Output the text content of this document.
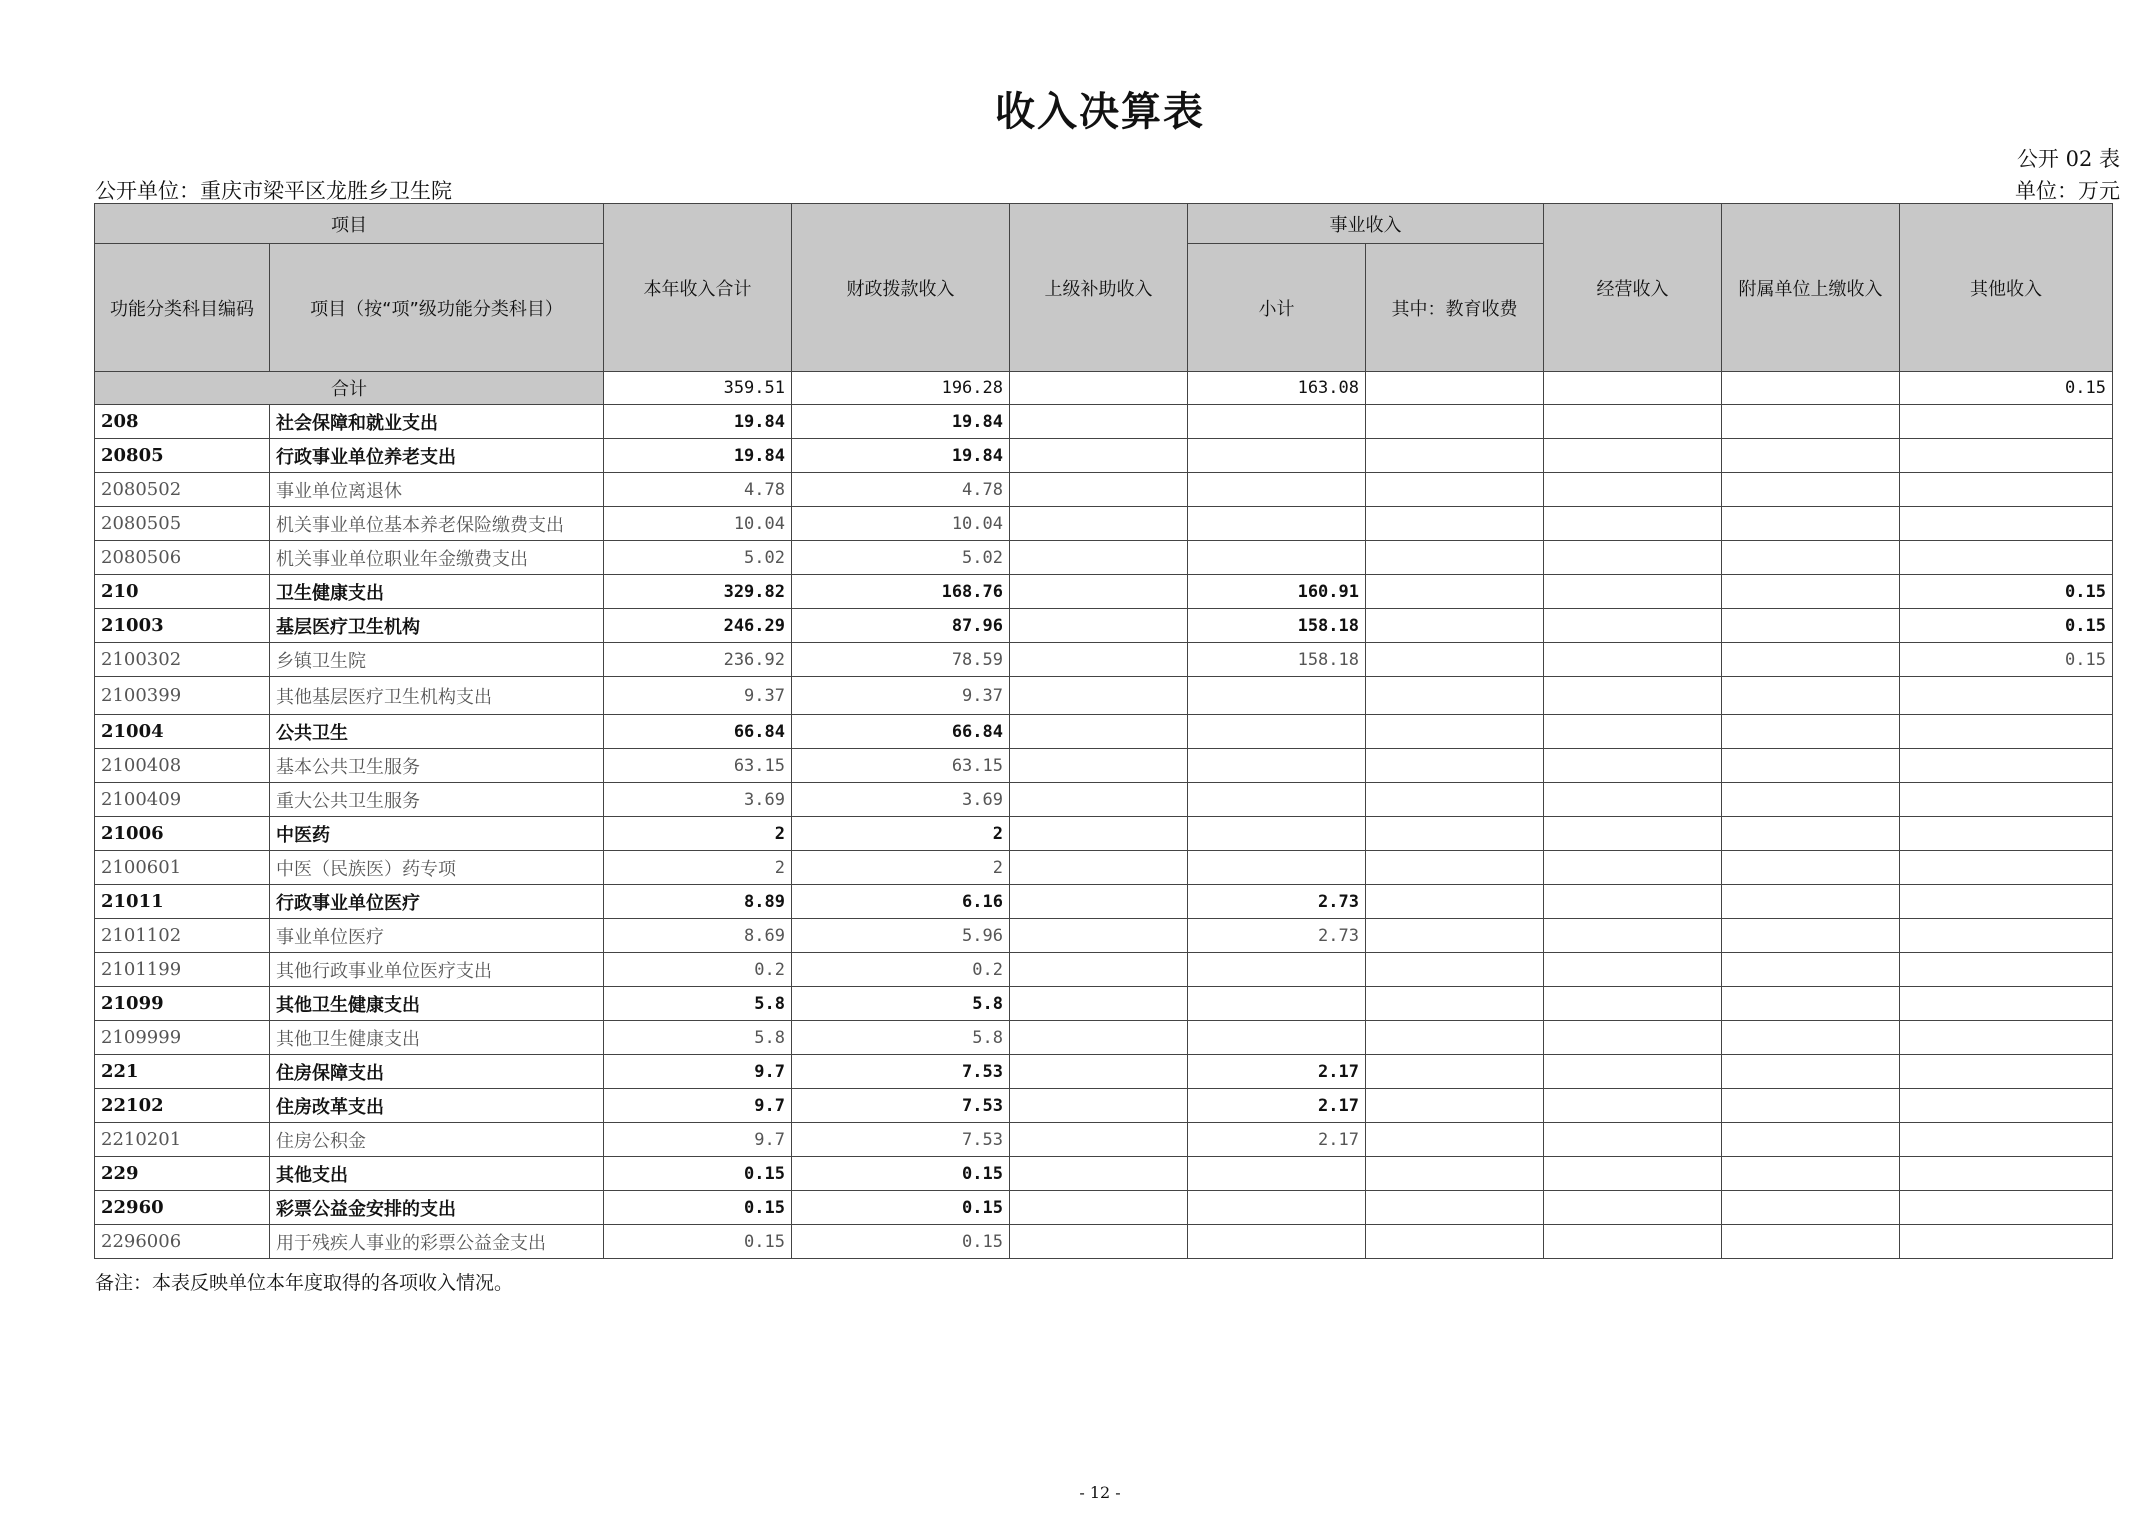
收入决算表
公开 02 表
公开单位：重庆市梁平区龙胜乡卫生院	单位：万元
项目		本年收入合计	财政拨款收入	上级补助收入	事业收入		经营收入	附属单位上缴收入	其他收入
功能分类科目编码	项目（按“项”级功能分类科目）				小计	其中：教育收费			
合计		359.51	196.28		163.08				0.15
208	社会保障和就业支出	19.84	19.84						
20805	行政事业单位养老支出	19.84	19.84						
2080502	事业单位离退休	4.78	4.78						
2080505	机关事业单位基本养老保险缴费支出	10.04	10.04						
2080506	机关事业单位职业年金缴费支出	5.02	5.02						
210	卫生健康支出	329.82	168.76		160.91				0.15
21003	基层医疗卫生机构	246.29	87.96		158.18				0.15
2100302	乡镇卫生院	236.92	78.59		158.18				0.15
2100399	其他基层医疗卫生机构支出	9.37	9.37						
21004	公共卫生	66.84	66.84						
2100408	基本公共卫生服务	63.15	63.15						
2100409	重大公共卫生服务	3.69	3.69						
21006	中医药	2	2						
2100601	中医（民族医）药专项	2	2						
21011	行政事业单位医疗	8.89	6.16		2.73				
2101102	事业单位医疗	8.69	5.96		2.73				
2101199	其他行政事业单位医疗支出	0.2	0.2						
21099	其他卫生健康支出	5.8	5.8						
2109999	其他卫生健康支出	5.8	5.8						
221	住房保障支出	9.7	7.53		2.17				
22102	住房改革支出	9.7	7.53		2.17				
2210201	住房公积金	9.7	7.53		2.17				
229	其他支出	0.15	0.15						
22960	彩票公益金安排的支出	0.15	0.15						
2296006	用于残疾人事业的彩票公益金支出	0.15	0.15						
备注：本表反映单位本年度取得的各项收入情况。
- 12 -
